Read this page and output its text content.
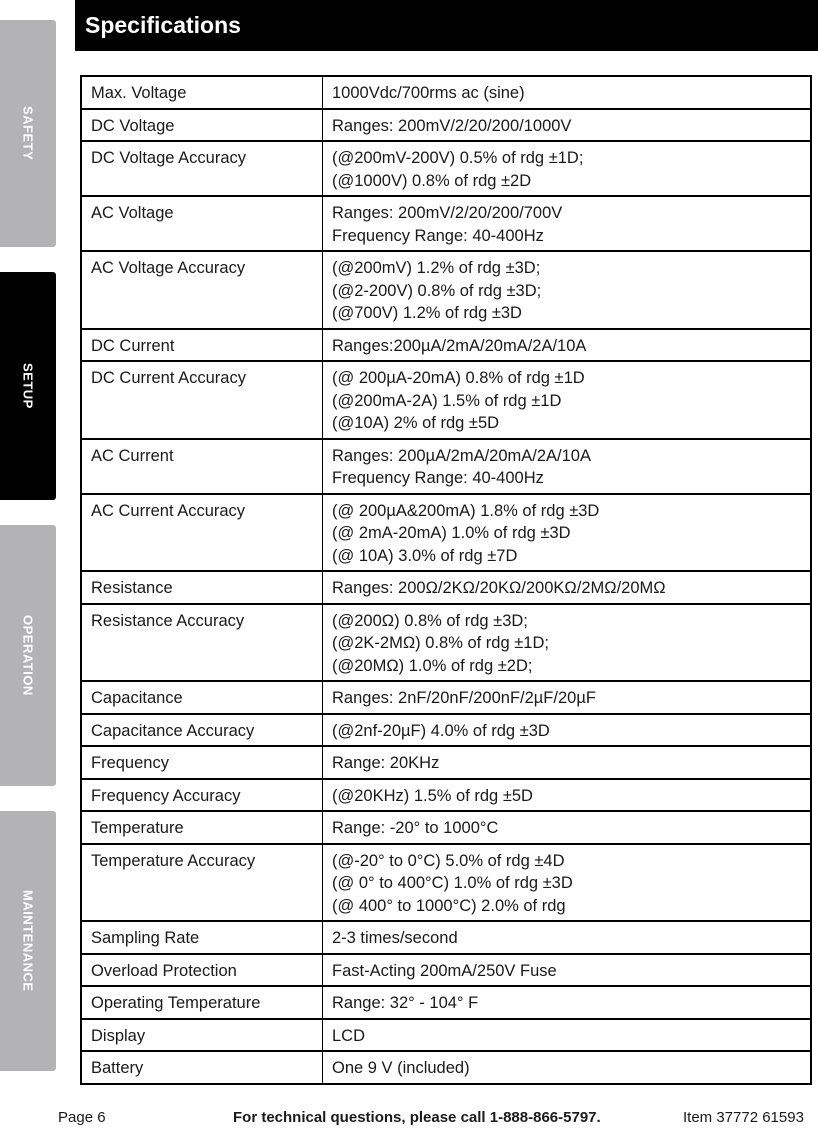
SAFETY
SETUP
OPERATION
MAINTENANCE
Specifications
Max. Voltage	1000Vdc/700rms ac (sine)

DC Voltage	Ranges: 200mV/2/20/200/1000V

DC Voltage Accuracy	(@200mV-200V) 0.5% of rdg ±1D;
(@1000V) 0.8% of rdg ±2D

AC Voltage	Ranges: 200mV/2/20/200/700V
Frequency Range: 40-400Hz

AC Voltage Accuracy	(@200mV) 1.2% of rdg ±3D;
(@2-200V) 0.8% of rdg ±3D;
(@700V) 1.2% of rdg ±3D

DC Current	Ranges:200µA/2mA/20mA/2A/10A

DC Current Accuracy	(@ 200µA-20mA) 0.8% of rdg ±1D
(@200mA-2A) 1.5% of rdg ±1D
(@10A) 2% of rdg ±5D

AC Current	Ranges: 200µA/2mA/20mA/2A/10A
Frequency Range: 40-400Hz

AC Current Accuracy	(@ 200µA&200mA) 1.8% of rdg ±3D
(@ 2mA-20mA) 1.0% of rdg ±3D
(@ 10A) 3.0% of rdg ±7D

Resistance	Ranges: 200Ω/2KΩ/20KΩ/200KΩ/2MΩ/20MΩ

Resistance Accuracy	(@200Ω) 0.8% of rdg ±3D;
(@2K-2MΩ) 0.8% of rdg ±1D;
(@20MΩ) 1.0% of rdg ±2D;

Capacitance	Ranges: 2nF/20nF/200nF/2µF/20µF

Capacitance Accuracy	(@2nf-20µF) 4.0% of rdg ±3D

Frequency	Range: 20KHz

Frequency Accuracy	(@20KHz) 1.5% of rdg ±5D

Temperature	Range: -20° to 1000°C

Temperature Accuracy	(@-20° to 0°C) 5.0% of rdg ±4D
(@ 0° to 400°C) 1.0% of rdg ±3D
(@ 400° to 1000°C) 2.0% of rdg

Sampling Rate	2-3 times/second

Overload Protection	Fast-Acting 200mA/250V Fuse

Operating Temperature	Range: 32° - 104° F

Display	LCD

Battery	One 9 V (included)
Page 6	For technical questions, please call 1-888-866-5797.	Item 37772 61593
